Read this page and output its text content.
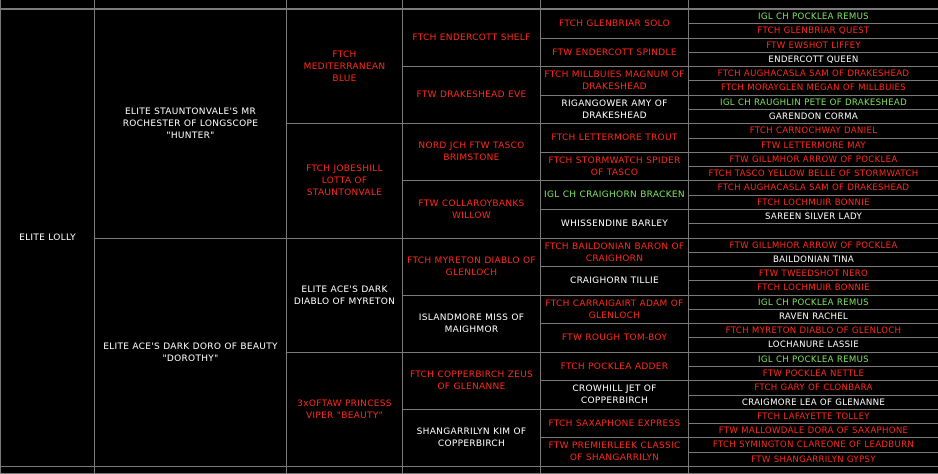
ELITE LOLLY
ELITE STAUNTONVALE'S MR ROCHESTER OF LONGSCOPE "HUNTER"
ELITE ACE'S DARK DORO OF BEAUTY "DOROTHY"
FTCH MEDITERRANEAN BLUE
FTCH JOBESHILL LOTTA OF STAUNTONVALE
ELITE ACE'S DARK DIABLO OF MYRETON
3xOFTAW PRINCESS VIPER "BEAUTY"
FTCH ENDERCOTT SHELF
FTW DRAKESHEAD EVE
NORD JCH FTW TASCO BRIMSTONE
FTW COLLAROYBANKS WILLOW
FTCH MYRETON DIABLO OF GLENLOCH
ISLANDMORE MISS OF MAIGHMOR
FTCH COPPERBIRCH ZEUS OF GLENANNE
SHANGARRILYN KIM OF COPPERBIRCH
FTCH GLENBRIAR SOLO
FTW ENDERCOTT SPINDLE
FTCH MILLBUIES MAGNUM OF DRAKESHEAD
RIGANGOWER AMY OF DRAKESHEAD
FTCH LETTERMORE TROUT
FTCH STORMWATCH SPIDER OF TASCO
IGL CH CRAIGHORN BRACKEN
WHISSENDINE BARLEY
FTCH BAILDONIAN BARON OF CRAIGHORN
CRAIGHORN TILLIE
FTCH CARRAIGAIRT ADAM OF GLENLOCH
FTW ROUGH TOM-BOY
FTCH POCKLEA ADDER
CROWHILL JET OF COPPERBIRCH
FTCH SAXAPHONE EXPRESS
FTW PREMIERLEEK CLASSIC OF SHANGARRILYN
IGL CH POCKLEA REMUS
FTCH GLENBRIAR QUEST
FTW EWSHOT LIFFEY
ENDERCOTT QUEEN
FTCH AUGHACASLA SAM OF DRAKESHEAD
FTCH MORAYGLEN MEGAN OF MILLBUIES
IGL CH RAUGHLIN PETE OF DRAKESHEAD
GARENDON CORMA
FTCH CARNOCHWAY DANIEL
FTW LETTERMORE MAY
FTW GILLMHOR ARROW OF POCKLEA
FTCH TASCO YELLOW BELLE OF STORMWATCH
FTCH AUGHACASLA SAM OF DRAKESHEAD
FTCH LOCHMUIR BONNIE
SAREEN SILVER LADY
FTW GILLMHOR ARROW OF POCKLEA
BAILDONIAN TINA
FTW TWEEDSHOT NERO
FTCH LOCHMUIR BONNIE
IGL CH POCKLEA REMUS
RAVEN RACHEL
FTCH MYRETON DIABLO OF GLENLOCH
LOCHANURE LASSIE
IGL CH POCKLEA REMUS
FTW POCKLEA NETTLE
FTCH GARY OF CLONBARA
CRAIGMORE LEA OF GLENANNE
FTCH LAFAYETTE TOLLEY
FTW MALLOWDALE DORA OF SAXAPHONE
FTCH SYMINGTON CLAREONE OF LEADBURN
FTW SHANGARRILYN GYPSY
